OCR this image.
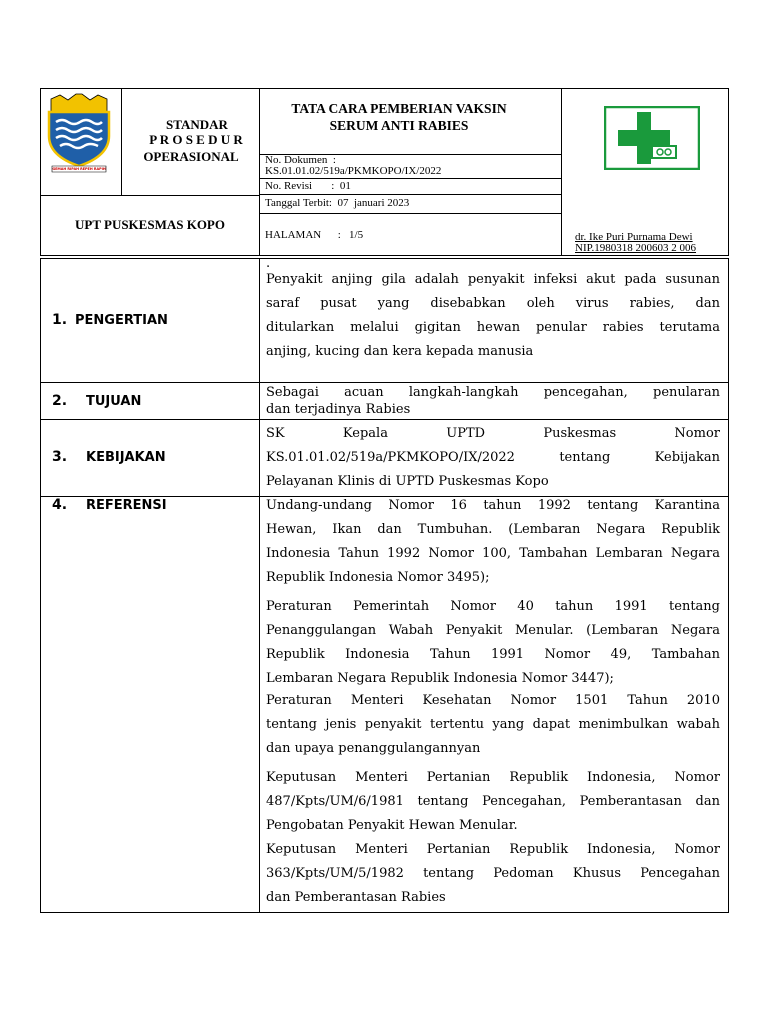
GEMAH RIPAH REPEH RAPIH
STANDAR
P R O S E D U R
OPERASIONAL
TATA CARA PEMBERIAN VAKSIN
SERUM ANTI RABIES
No. Dokumen  :
KS.01.01.02/519a/PKMKOPO/IX/2022
No. Revisi       :  01
Tanggal Terbit:  07  januari 2023
HALAMAN      :   1/5
UPT PUSKESMAS KOPO
dr. Ike Puri Purnama Dewi
NIP.1980318 200603 2 006
1. PENGERTIAN
.
Penyakit anjing gila adalah penyakit infeksi akut pada susunan
saraf pusat yang disebabkan oleh virus rabies, dan
ditularkan melalui gigitan hewan penular rabies terutama
anjing, kucing dan kera kepada manusia
2. TUJUAN
Sebagai acuan langkah-langkah pencegahan, penularan
dan terjadinya Rabies
3. KEBIJAKAN
SK Kepala UPTD Puskesmas Nomor
KS.01.01.02/519a/PKMKOPO/IX/2022 tentang Kebijakan
Pelayanan Klinis di UPTD Puskesmas Kopo
4. REFERENSI	Undang-undang Nomor 16 tahun 1992 tentang Karantina
Hewan, Ikan dan Tumbuhan. (Lembaran Negara Republik
Indonesia Tahun 1992 Nomor 100, Tambahan Lembaran Negara
Republik Indonesia Nomor 3495);
Peraturan Pemerintah Nomor 40 tahun 1991 tentang
Penanggulangan Wabah Penyakit Menular. (Lembaran Negara
Republik Indonesia Tahun 1991 Nomor 49, Tambahan
Lembaran Negara Republik Indonesia Nomor 3447);
Peraturan Menteri Kesehatan Nomor 1501 Tahun 2010
tentang jenis penyakit tertentu yang dapat menimbulkan wabah
dan upaya penanggulangannyan
Keputusan Menteri Pertanian Republik Indonesia, Nomor
487/Kpts/UM/6/1981 tentang Pencegahan, Pemberantasan dan
Pengobatan Penyakit Hewan Menular.
Keputusan Menteri Pertanian Republik Indonesia, Nomor
363/Kpts/UM/5/1982 tentang Pedoman Khusus Pencegahan
dan Pemberantasan Rabies
